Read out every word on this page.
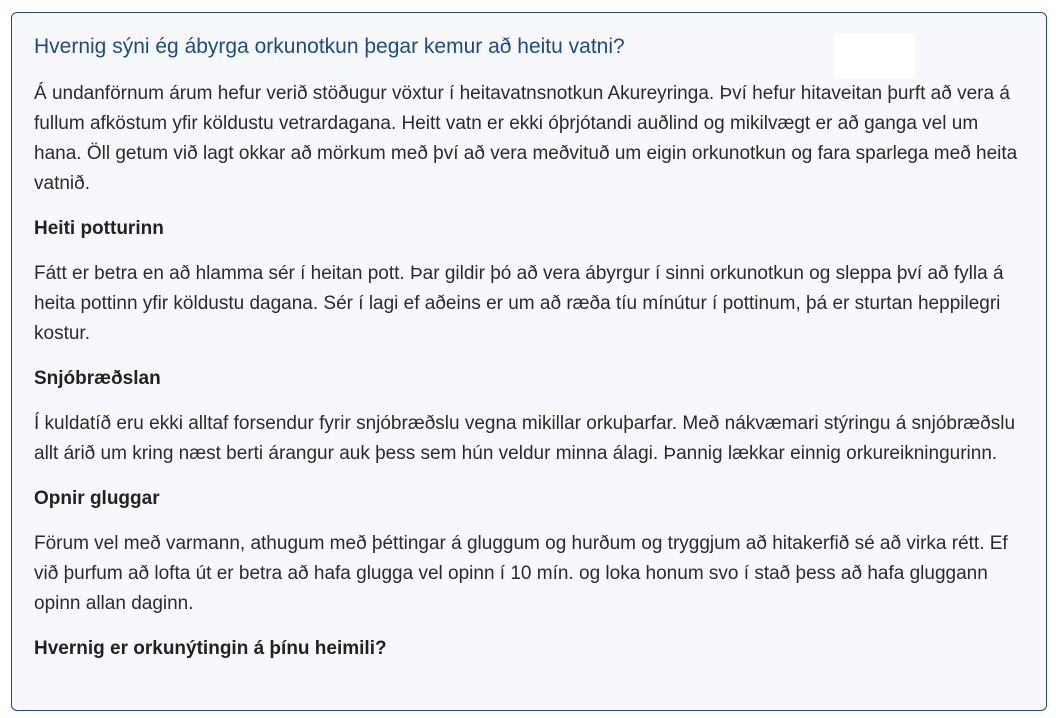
Hvernig sýni ég ábyrga orkunotkun þegar kemur að heitu vatni?

Á undanförnum árum hefur verið stöðugur vöxtur í heitavatnsnotkun Akureyringa. Því hefur hitaveitan þurft að vera á fullum afköstum yfir köldustu vetrardagana. Heitt vatn er ekki óþrjótandi auðlind og mikilvægt er að ganga vel um hana. Öll getum við lagt okkar að mörkum með því að vera meðvituð um eigin orkunotkun og fara sparlega með heita vatnið.

Heiti potturinn

Fátt er betra en að hlamma sér í heitan pott. Þar gildir þó að vera ábyrgur í sinni orkunotkun og sleppa því að fylla á heita pottinn yfir köldustu dagana. Sér í lagi ef aðeins er um að ræða tíu mínútur í pottinum, þá er sturtan heppilegri kostur.

Snjóbræðslan

Í kuldatíð eru ekki alltaf forsendur fyrir snjóbræðslu vegna mikillar orkuþarfar. Með nákvæmari stýringu á snjóbræðslu allt árið um kring næst berti árangur auk þess sem hún veldur minna álagi. Þannig lækkar einnig orkureikningurinn.

Opnir gluggar

Förum vel með varmann, athugum með þéttingar á gluggum og hurðum og tryggjum að hitakerfið sé að virka rétt. Ef við þurfum að lofta út er betra að hafa glugga vel opinn í 10 mín. og loka honum svo í stað þess að hafa gluggann opinn allan daginn.

Hvernig er orkunýtingin á þínu heimili?
